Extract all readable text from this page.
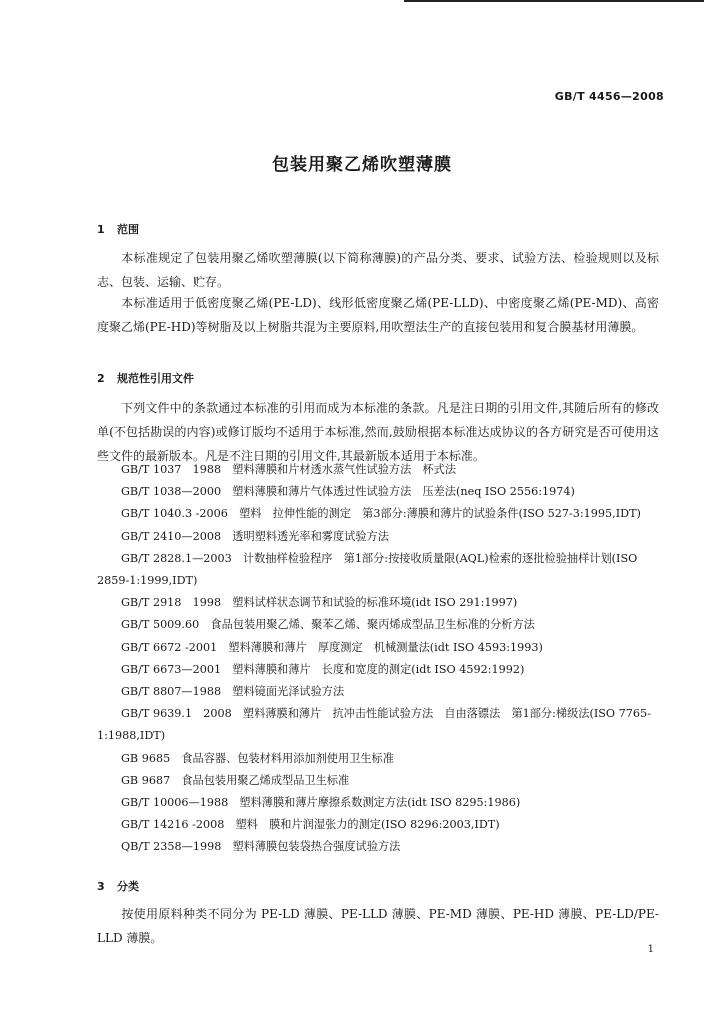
GB/T 4456—2008
包装用聚乙烯吹塑薄膜
1 范围
本标准规定了包装用聚乙烯吹塑薄膜(以下简称薄膜)的产品分类、要求、试验方法、检验规则以及标志、包装、运输、贮存。
本标准适用于低密度聚乙烯(PE-LD)、线形低密度聚乙烯(PE-LLD)、中密度聚乙烯(PE-MD)、高密度聚乙烯(PE-HD)等树脂及以上树脂共混为主要原料,用吹塑法生产的直接包装用和复合膜基材用薄膜。
2 规范性引用文件
下列文件中的条款通过本标准的引用而成为本标准的条款。凡是注日期的引用文件,其随后所有的修改单(不包括勘误的内容)或修订版均不适用于本标准,然而,鼓励根据本标准达成协议的各方研究是否可使用这些文件的最新版本。凡是不注日期的引用文件,其最新版本适用于本标准。
GB/T 1037　1988　塑料薄膜和片材透水蒸气性试验方法　杯式法
GB/T 1038—2000　塑料薄膜和薄片气体透过性试验方法　压差法(neq ISO 2556:1974)
GB/T 1040.3 -2006　塑料　拉伸性能的测定　第3部分:薄膜和薄片的试验条件(ISO 527-3:1995,IDT)
GB/T 2410—2008　透明塑料透光率和雾度试验方法
GB/T 2828.1—2003　计数抽样检验程序　第1部分:按接收质量限(AQL)检索的逐批检验抽样计划(ISO 2859-1:1999,IDT)
GB/T 2918　1998　塑料试样状态调节和试验的标准环境(idt ISO 291:1997)
GB/T 5009.60　食品包装用聚乙烯、聚苯乙烯、聚丙烯成型品卫生标准的分析方法
GB/T 6672 -2001　塑料薄膜和薄片　厚度测定　机械测量法(idt ISO 4593:1993)
GB/T 6673—2001　塑料薄膜和薄片　长度和宽度的测定(idt ISO 4592:1992)
GB/T 8807—1988　塑料镜面光泽试验方法
GB/T 9639.1　2008　塑料薄膜和薄片　抗冲击性能试验方法　自由落镖法　第1部分:梯级法(ISO 7765-1:1988,IDT)
GB 9685　食品容器、包装材料用添加剂使用卫生标准
GB 9687　食品包装用聚乙烯成型品卫生标准
GB/T 10006—1988　塑料薄膜和薄片摩擦系数测定方法(idt ISO 8295:1986)
GB/T 14216 -2008　塑料　膜和片润湿张力的测定(ISO 8296:2003,IDT)
QB/T 2358—1998　塑料薄膜包装袋热合强度试验方法
3 分类
按使用原料种类不同分为 PE-LD 薄膜、PE-LLD 薄膜、PE-MD 薄膜、PE-HD 薄膜、PE-LD/PE-LLD 薄膜。
1
